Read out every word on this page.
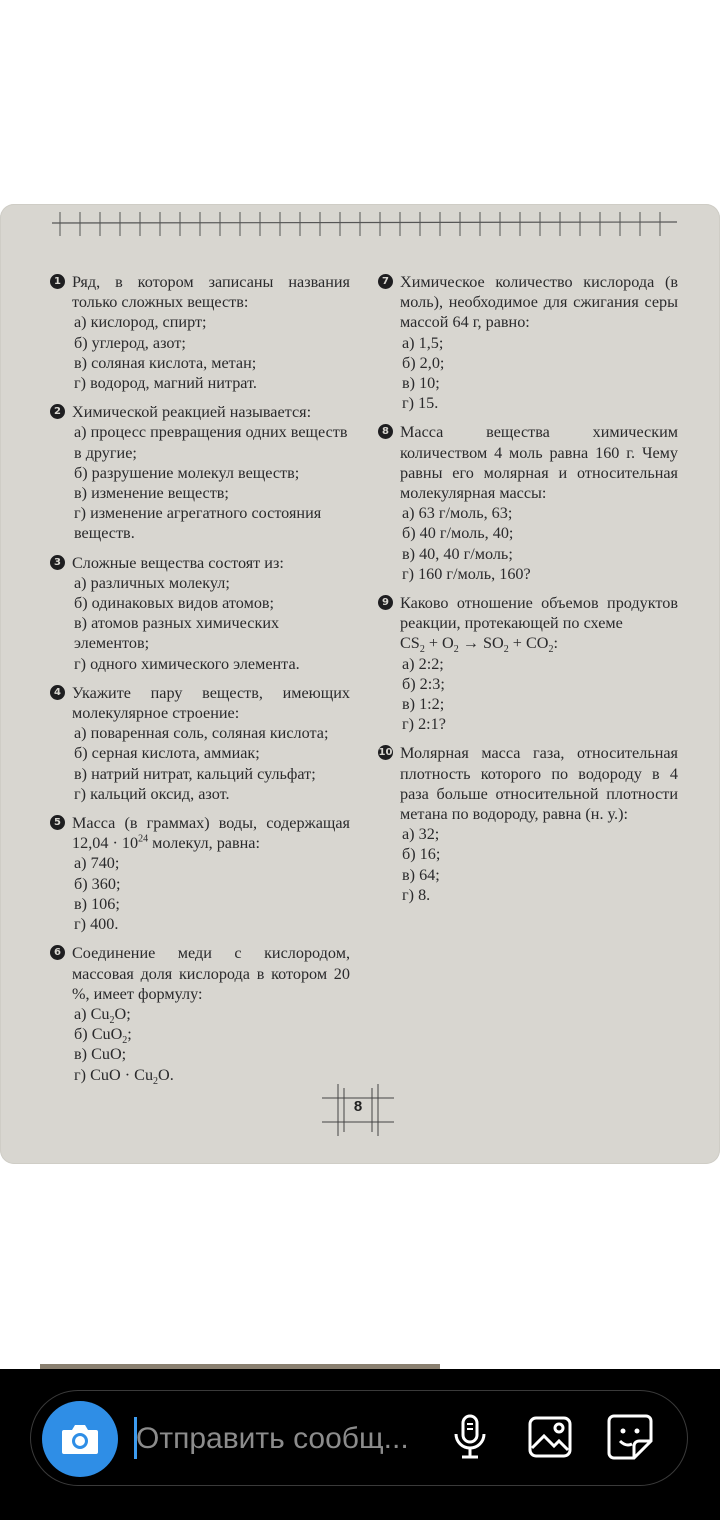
1 Ряд, в котором записаны названия только сложных веществ:
а) кислород, спирт;
б) углерод, азот;
в) соляная кислота, метан;
г) водород, магний нитрат.
2 Химической реакцией называется:
а) процесс превращения одних веществ в другие;
б) разрушение молекул веществ;
в) изменение веществ;
г) изменение агрегатного состояния веществ.
3 Сложные вещества состоят из:
а) различных молекул;
б) одинаковых видов атомов;
в) атомов разных химических элементов;
г) одного химического элемента.
4 Укажите пару веществ, имеющих молекулярное строение:
а) поваренная соль, соляная кислота;
б) серная кислота, аммиак;
в) натрий нитрат, кальций сульфат;
г) кальций оксид, азот.
5 Масса (в граммах) воды, содержащая $12,04 \cdot 10^{24}$ молекул, равна:
а) 740;
б) 360;
в) 106;
г) 400.
6 Соединение меди с кислородом, массовая доля кислорода в котором 20 %, имеет формулу:
а) $Cu_2O$;
б) CuO$_2$;
в) CuO;
г) CuO · $Cu_2O$.
7 Химическое количество кислорода (в моль), необходимое для сжигания серы массой 64 г, равно:
а) 1,5;
б) 2,0;
в) 10;
г) 15.
8 Масса вещества химическим количеством 4 моль равна 160 г. Чему равны его молярная и относительная молекулярная массы:
а) 63 г/моль, 63;
б) 40 г/моль, 40;
в) 40, 40 г/моль;
г) 160 г/моль, 160?
9 Каково отношение объемов продуктов реакции, протекающей по схеме
$CS_2 + O_2 \to SO_2 + CO_2$:
а) 2:2;
б) 2:3;
в) 1:2;
г) 2:1?
10 Молярная масса газа, относительная плотность которого по водороду в 4 раза больше относительной плотности метана по водороду, равна (н. у.):
а) 32;
б) 16;
в) 64;
г) 8.
8
Отправить сообщ...
